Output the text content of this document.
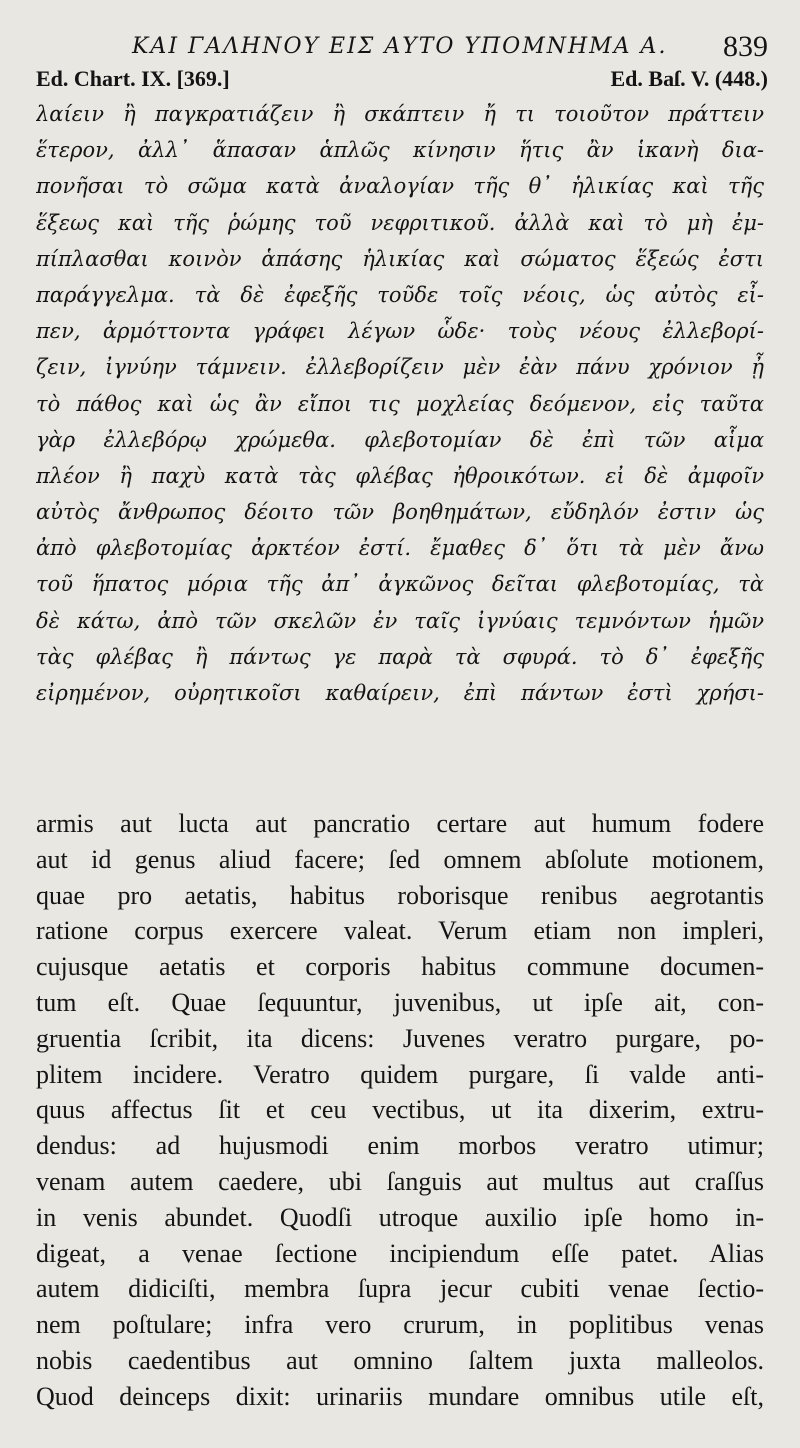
ΚΑΙ ΓΑΛΗΝΟΥ ΕΙΣ ΑΥΤΟ ΥΠΟΜΝΗΜΑ Α. 839
Ed. Chart. IX. [369.]	Ed. Baſ. V. (448.)
λαίειν ἢ παγκρατιάζειν ἢ σκάπτειν ἤ τι τοιοῦτον πράττειν
ἕτερον, ἀλλ᾽ ἅπασαν ἁπλῶς κίνησιν ἥτις ἂν ἱκανὴ δια-
πονῆσαι τὸ σῶμα κατὰ ἀναλογίαν τῆς θ᾽ ἡλικίας καὶ τῆς
ἕξεως καὶ τῆς ῥώμης τοῦ νεφριτικοῦ. ἀλλὰ καὶ τὸ μὴ ἐμ-
πίπλασθαι κοινὸν ἁπάσης ἡλικίας καὶ σώματος ἕξεώς ἐστι
παράγγελμα. τὰ δὲ ἐφεξῆς τοῦδε τοῖς νέοις, ὡς αὐτὸς εἶ-
πεν, ἁρμόττοντα γράφει λέγων ὧδε· τοὺς νέους ἐλλεβορί-
ζειν, ἰγνύην τάμνειν. ἐλλεβορίζειν μὲν ἐὰν πάνυ χρόνιον ᾖ
τὸ πάθος καὶ ὡς ἂν εἴποι τις μοχλείας δεόμενον, εἰς ταῦτα
γὰρ ἐλλεβόρῳ χρώμεθα. φλεβοτομίαν δὲ ἐπὶ τῶν αἷμα
πλέον ἢ παχὺ κατὰ τὰς φλέβας ἠθροικότων. εἰ δὲ ἀμφοῖν
αὐτὸς ἄνθρωπος δέοιτο τῶν βοηθημάτων, εὔδηλόν ἐστιν ὡς
ἀπὸ φλεβοτομίας ἀρκτέον ἐστί. ἔμαθες δ᾽ ὅτι τὰ μὲν ἄνω
τοῦ ἥπατος μόρια τῆς ἀπ᾽ ἀγκῶνος δεῖται φλεβοτομίας, τὰ
δὲ κάτω, ἀπὸ τῶν σκελῶν ἐν ταῖς ἰγνύαις τεμνόντων ἡμῶν
τὰς φλέβας ἢ πάντως γε παρὰ τὰ σφυρά. τὸ δ᾽ ἐφεξῆς
εἰρημένον, οὐρητικοῖσι καθαίρειν, ἐπὶ πάντων ἐστὶ χρήσι-
armis aut lucta aut pancratio certare aut humum fodere
aut id genus aliud facere; ſed omnem abſolute motionem,
quae pro aetatis, habitus roborisque renibus aegrotantis
ratione corpus exercere valeat. Verum etiam non impleri,
cujusque aetatis et corporis habitus commune documen-
tum eſt. Quae ſequuntur, juvenibus, ut ipſe ait, con-
gruentia ſcribit, ita dicens: Juvenes veratro purgare, po-
plitem incidere. Veratro quidem purgare, ſi valde anti-
quus affectus ſit et ceu vectibus, ut ita dixerim, extru-
dendus: ad hujusmodi enim morbos veratro utimur;
venam autem caedere, ubi ſanguis aut multus aut craſſus
in venis abundet. Quodſi utroque auxilio ipſe homo in-
digeat, a venae ſectione incipiendum eſſe patet. Alias
autem didiciſti, membra ſupra jecur cubiti venae ſectio-
nem poſtulare; infra vero crurum, in poplitibus venas
nobis caedentibus aut omnino ſaltem juxta malleolos.
Quod deinceps dixit: urinariis mundare omnibus utile eſt,
